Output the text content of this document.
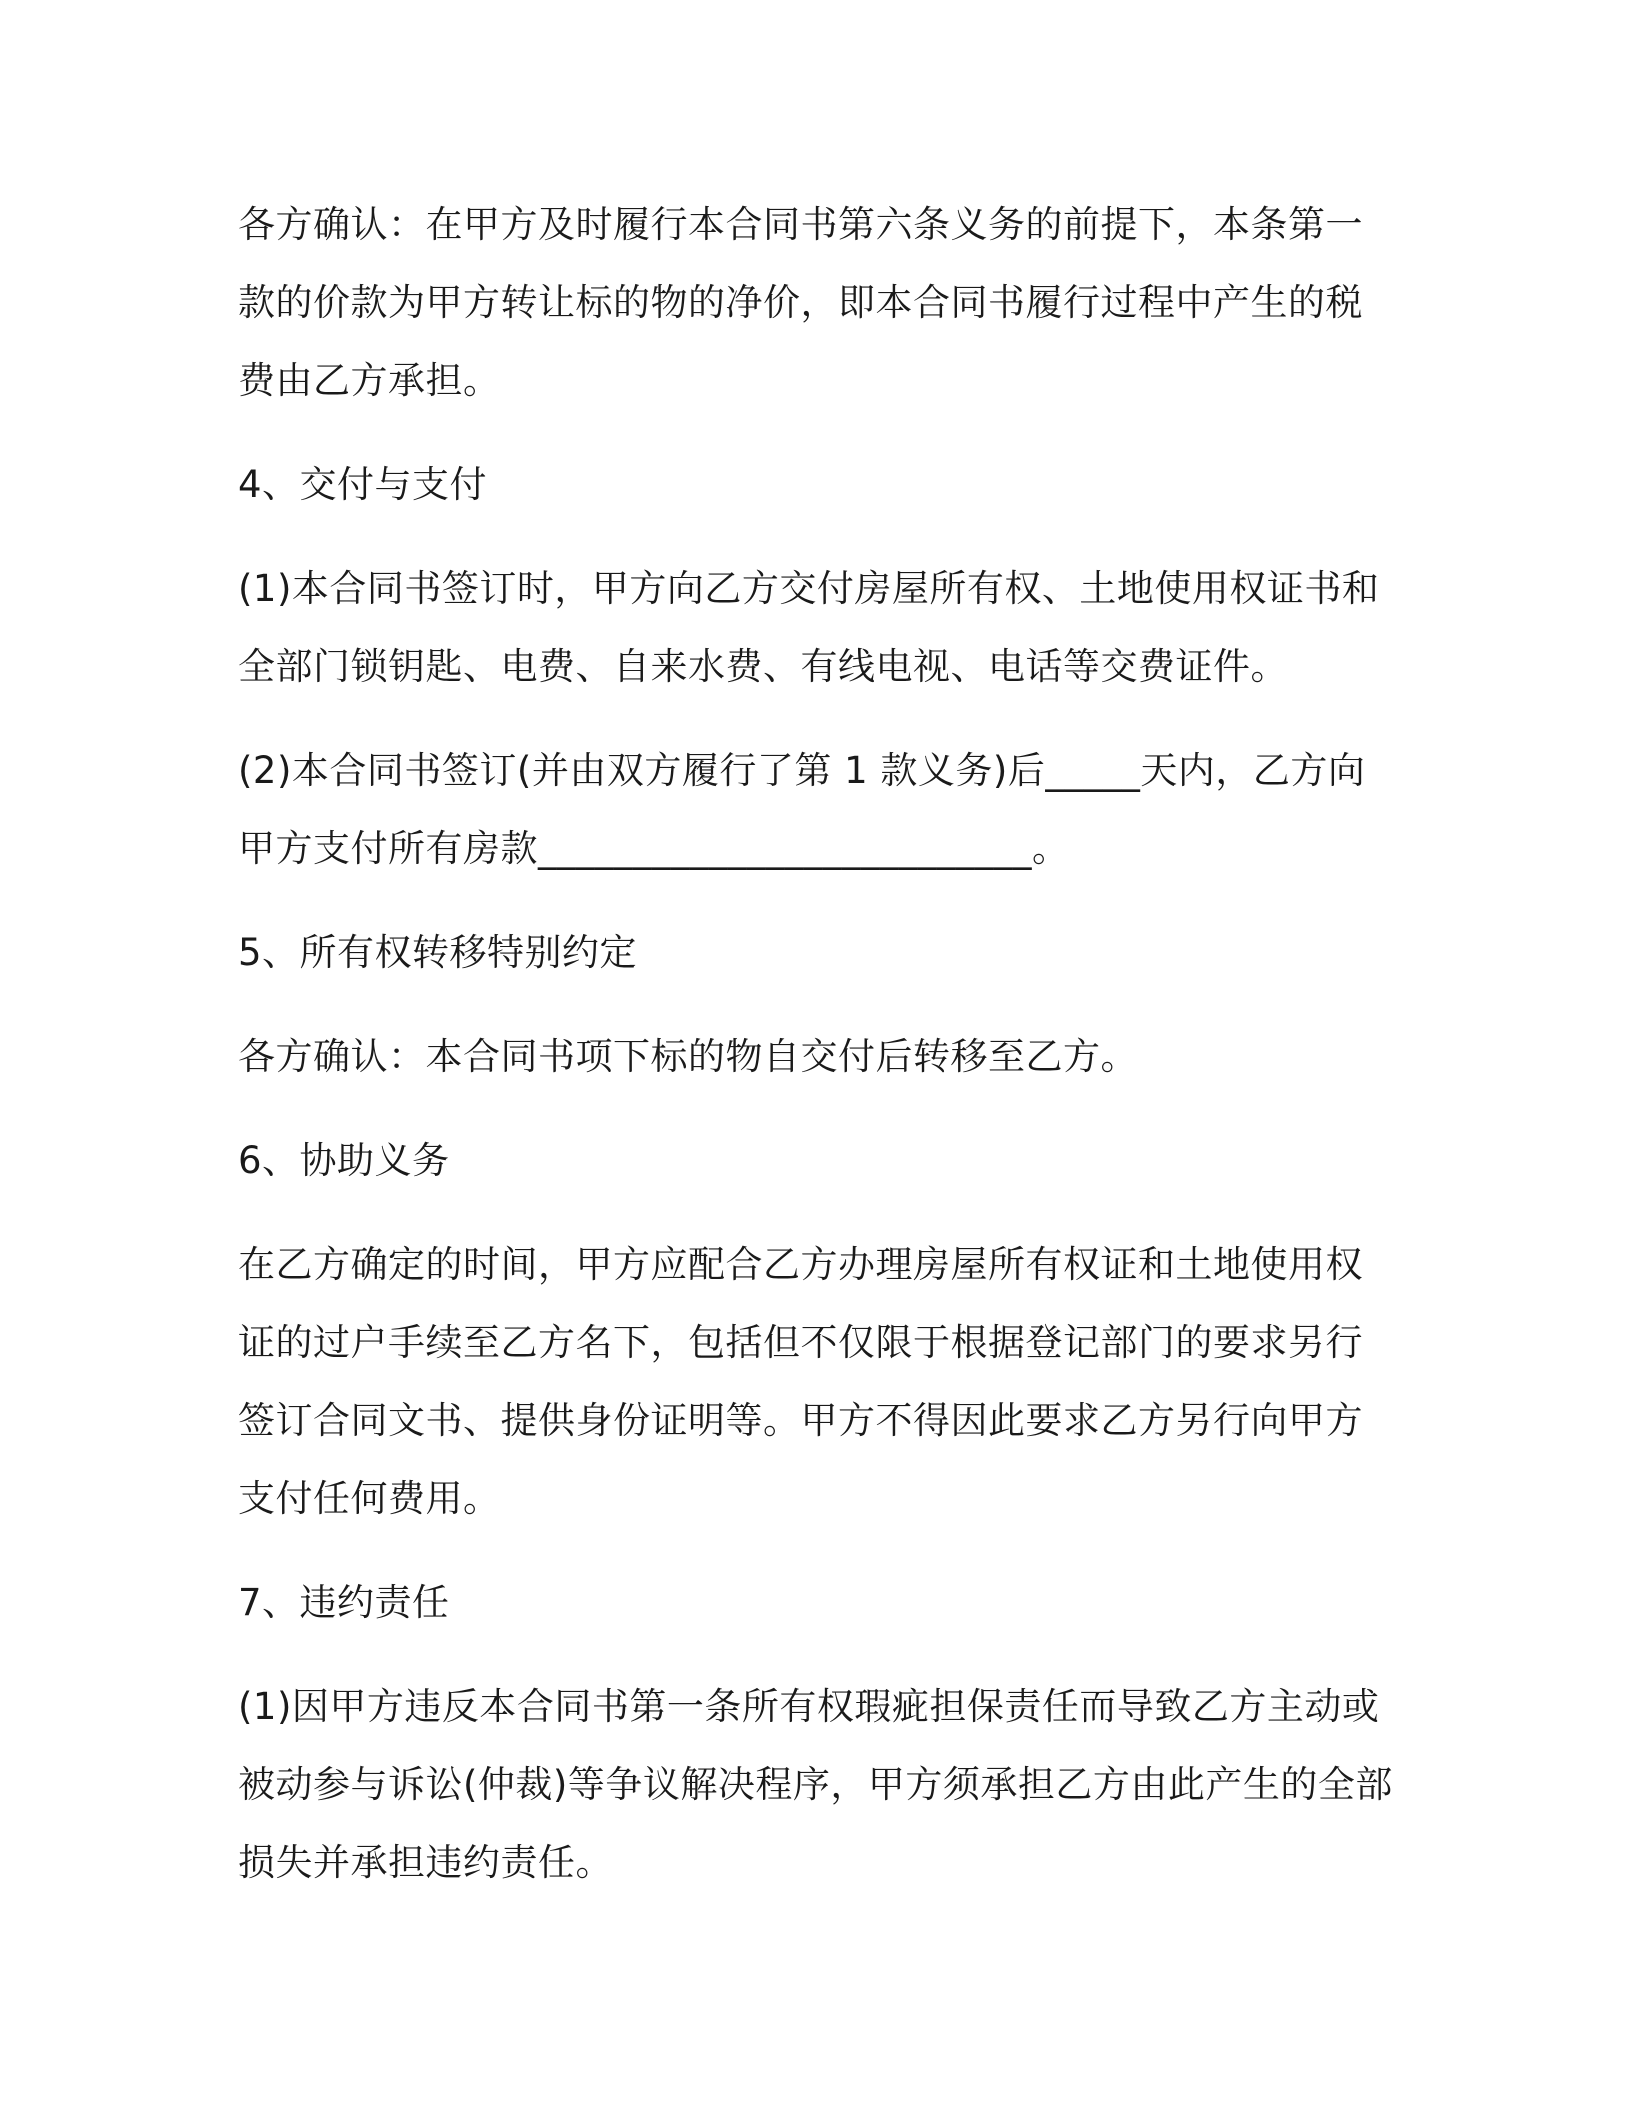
各方确认：在甲方及时履行本合同书第六条义务的前提下，本条第一款的价款为甲方转让标的物的净价，即本合同书履行过程中产生的税费由乙方承担。

4、交付与支付

(1)本合同书签订时，甲方向乙方交付房屋所有权、土地使用权证书和全部门锁钥匙、电费、自来水费、有线电视、电话等交费证件。

(2)本合同书签订(并由双方履行了第 1 款义务)后_____天内，乙方向甲方支付所有房款__________________________。

5、所有权转移特别约定

各方确认：本合同书项下标的物自交付后转移至乙方。

6、协助义务

在乙方确定的时间，甲方应配合乙方办理房屋所有权证和土地使用权证的过户手续至乙方名下，包括但不仅限于根据登记部门的要求另行签订合同文书、提供身份证明等。甲方不得因此要求乙方另行向甲方支付任何费用。

7、违约责任

(1)因甲方违反本合同书第一条所有权瑕疵担保责任而导致乙方主动或被动参与诉讼(仲裁)等争议解决程序，甲方须承担乙方由此产生的全部损失并承担违约责任。
